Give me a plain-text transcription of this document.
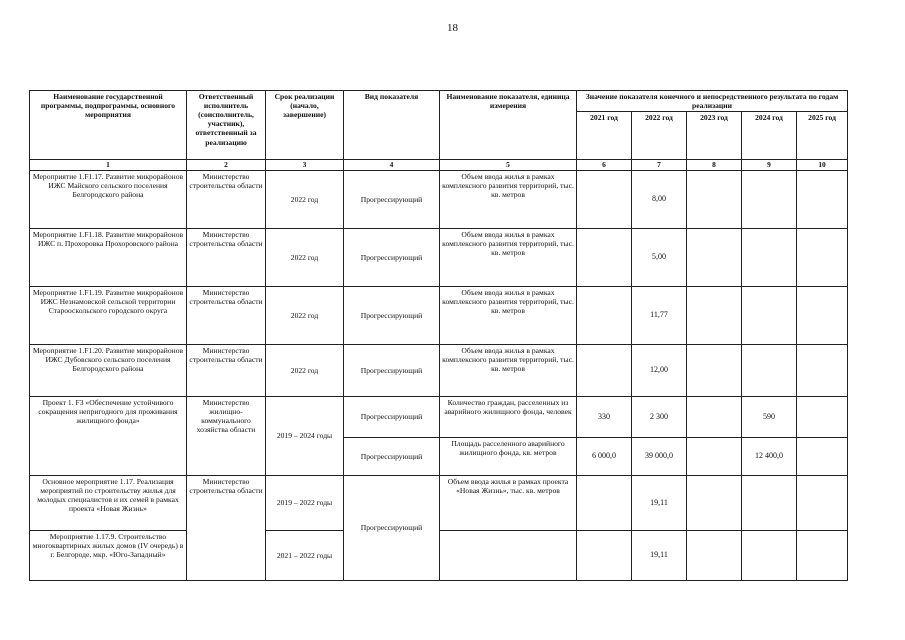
18
Наименование государственной программы, подпрограммы, основного мероприятия	Ответственный исполнитель (соисполнитель, участник), ответственный за реализацию	Срок реализации (начало, завершение)	Вид показателя	Наименование показателя, единица измерения	Значение показателя конечного и непосредственного результата по годам реализации				
					2021 год	2022 год	2023 год	2024 год	2025 год
1	2	3	4	5	6	7	8	9	10
Мероприятие 1.F1.17. Развитие микрорайонов ИЖС Майского сельского поселения Белгородского района	Министерство строительства области	2022 год	Прогрессирующий	Объем ввода жилья в рамках комплексного развития территорий, тыс. кв. метров		8,00			
Мероприятие 1.F1.18. Развитие микрорайонов ИЖС п. Прохоровка Прохоровского района	Министерство строительства области	2022 год	Прогрессирующий	Объем ввода жилья в рамках комплексного развития территорий, тыс. кв. метров		5,00			
Мероприятие 1.F1.19. Развитие микрорайонов ИЖС Незнамовской сельской территории Старооскольского городского округа	Министерство строительства области	2022 год	Прогрессирующий	Объем ввода жилья в рамках комплексного развития территорий, тыс. кв. метров		11,77			
Мероприятие 1.F1.20. Развитие микрорайонов ИЖС Дубовского сельского поселения Белгородского района	Министерство строительства области	2022 год	Прогрессирующий	Объем ввода жилья в рамках комплексного развития территорий, тыс. кв. метров		12,00			
Проект 1. F3 «Обеспечение устойчивого сокращения непригодного для проживания жилищного фонда»	Министерство жилищно-коммунального хозяйства области	2019 – 2024 годы	Прогрессирующий	Количество граждан, расселенных из аварийного жилищного фонда, человек	330	2 300		590	
			Прогрессирующий	Площадь расселенного аварийного жилищного фонда, кв. метров	6 000,0	39 000,0		12 400,0	
Основное мероприятие 1.17. Реализация мероприятий по строительству жилья для молодых специалистов и их семей в рамках проекта «Новая Жизнь»	Министерство строительства области	2019 – 2022 годы	Прогрессирующий	Объем ввода жилья в рамках проекта «Новая Жизнь», тыс. кв. метров		19,11			
Мероприятие 1.17.9. Строительство многоквартирных жилых домов (IV очередь) в г. Белгороде, мкр. «Юго-Западный»		2021 – 2022 годы				19,11			
